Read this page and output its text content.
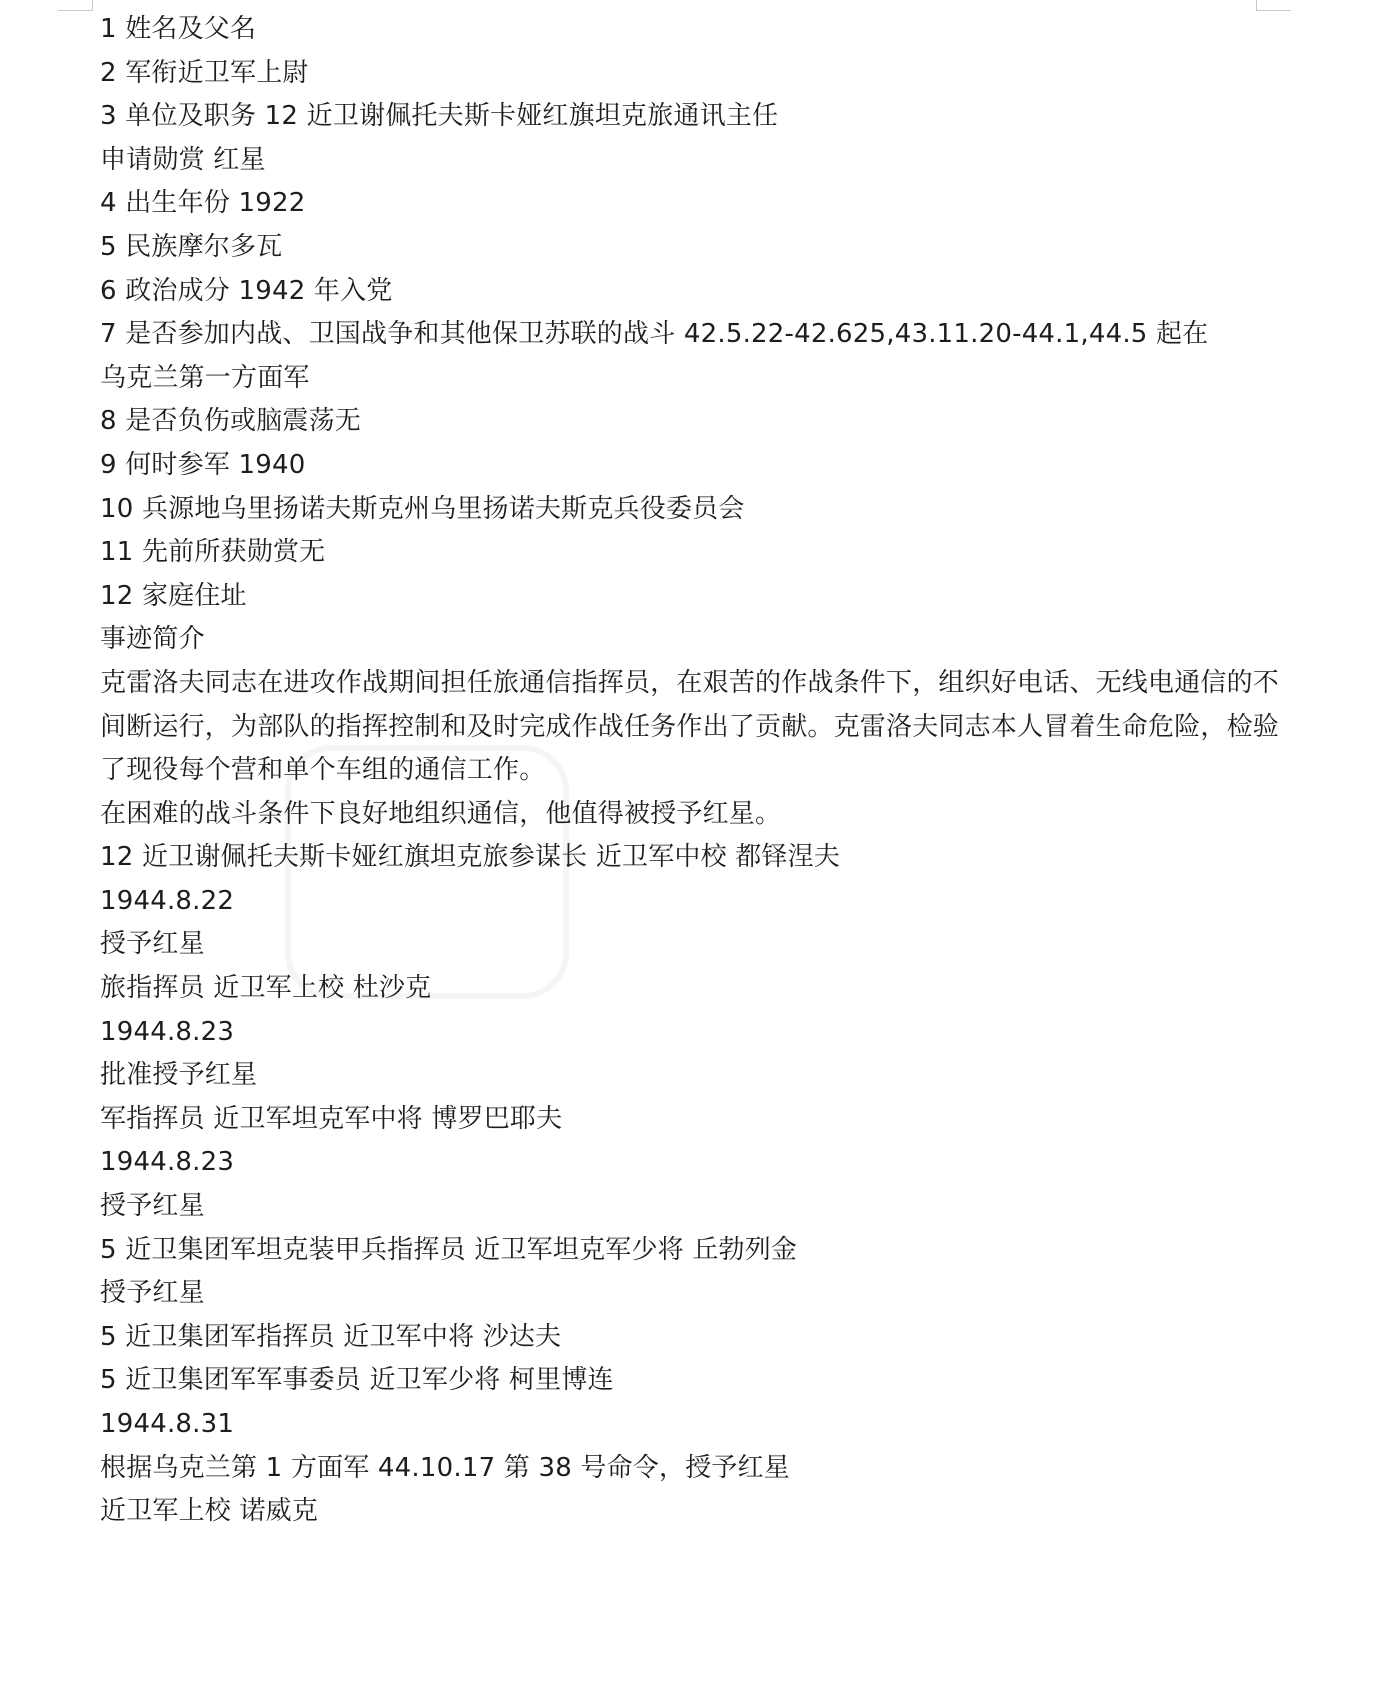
1 姓名及父名
2 军衔近卫军上尉
3 单位及职务 12 近卫谢佩托夫斯卡娅红旗坦克旅通讯主任
申请勋赏 红星
4 出生年份 1922
5 民族摩尔多瓦
6 政治成分 1942 年入党
7 是否参加内战、卫国战争和其他保卫苏联的战斗 42.5.22-42.625,43.11.20-44.1,44.5 起在
乌克兰第一方面军
8 是否负伤或脑震荡无
9 何时参军 1940
10 兵源地乌里扬诺夫斯克州乌里扬诺夫斯克兵役委员会
11 先前所获勋赏无
12 家庭住址
事迹简介
克雷洛夫同志在进攻作战期间担任旅通信指挥员，在艰苦的作战条件下，组织好电话、无线电通信的不间断运行，为部队的指挥控制和及时完成作战任务作出了贡献。克雷洛夫同志本人冒着生命危险，检验了现役每个营和单个车组的通信工作。
在困难的战斗条件下良好地组织通信，他值得被授予红星。
12 近卫谢佩托夫斯卡娅红旗坦克旅参谋长 近卫军中校 都铎涅夫
1944.8.22
授予红星
旅指挥员 近卫军上校 杜沙克
1944.8.23
批准授予红星
军指挥员 近卫军坦克军中将 博罗巴耶夫
1944.8.23
授予红星
5 近卫集团军坦克装甲兵指挥员 近卫军坦克军少将 丘勃列金
授予红星
5 近卫集团军指挥员 近卫军中将 沙达夫
5 近卫集团军军事委员 近卫军少将 柯里博连
1944.8.31
根据乌克兰第 1 方面军 44.10.17 第 38 号命令，授予红星
近卫军上校 诺威克
